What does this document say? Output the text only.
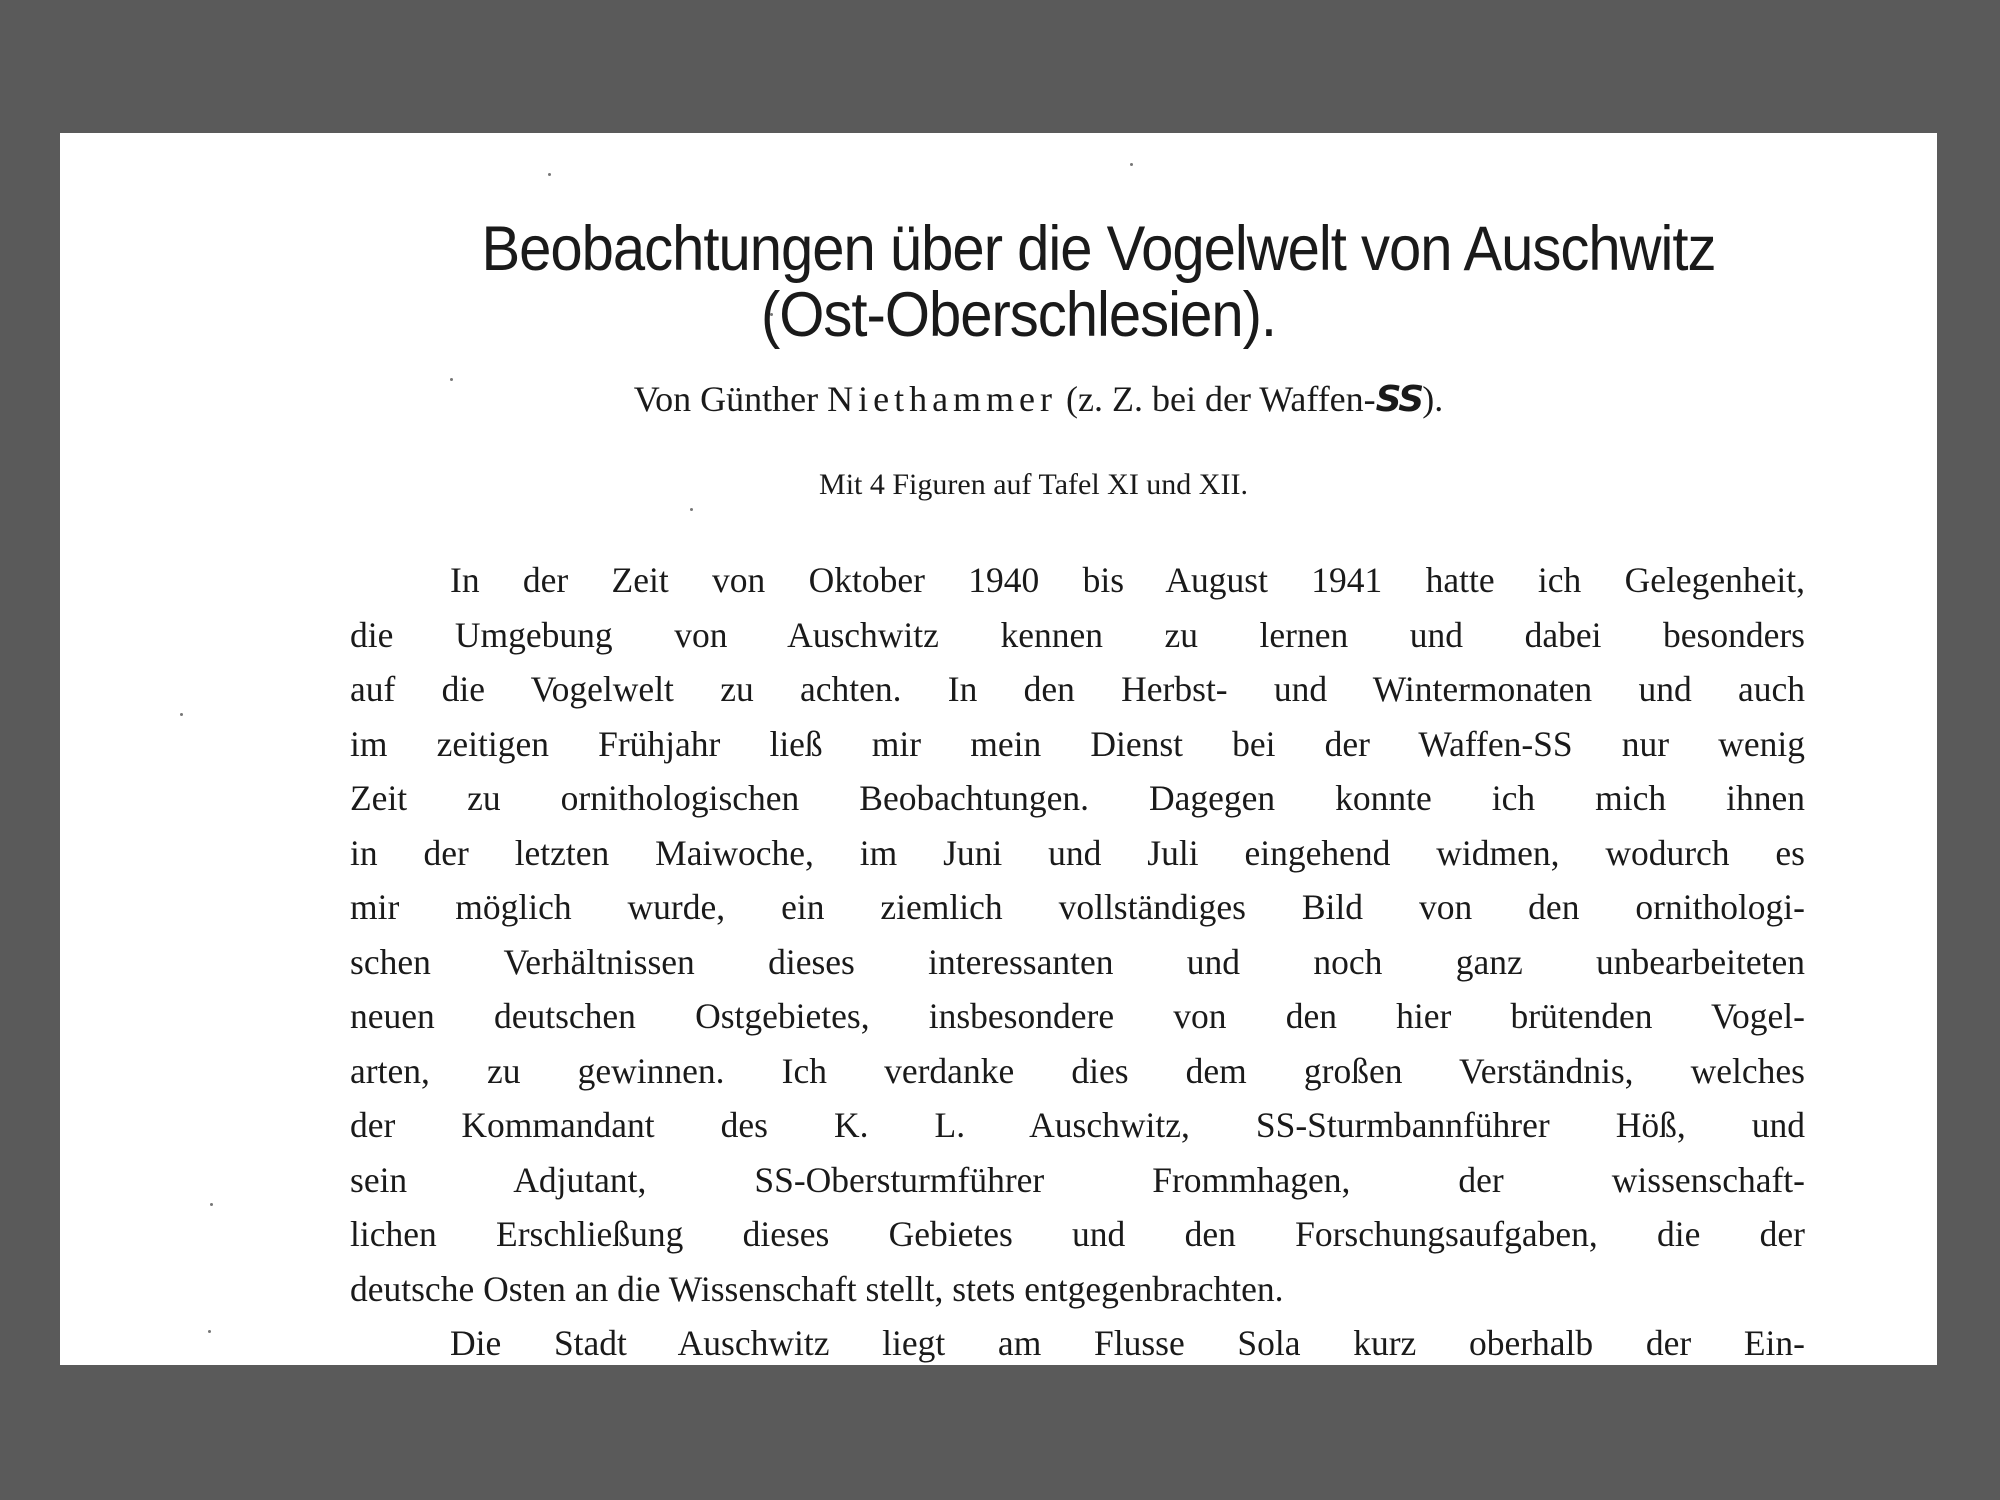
Beobachtungen über die Vogelwelt von Auschwitz
(Ost-Oberschlesien).
Von Günther Niethammer (z. Z. bei der Waffen-SS).
Mit 4 Figuren auf Tafel XI und XII.

In der Zeit von Oktober 1940 bis August 1941 hatte ich Gelegenheit,
die Umgebung von Auschwitz kennen zu lernen und dabei besonders
auf die Vogelwelt zu achten. In den Herbst- und Wintermonaten und auch
im zeitigen Frühjahr ließ mir mein Dienst bei der Waffen-SS nur wenig
Zeit zu ornithologischen Beobachtungen. Dagegen konnte ich mich ihnen
in der letzten Maiwoche, im Juni und Juli eingehend widmen, wodurch es
mir möglich wurde, ein ziemlich vollständiges Bild von den ornithologi-
schen Verhältnissen dieses interessanten und noch ganz unbearbeiteten
neuen deutschen Ostgebietes, insbesondere von den hier brütenden Vogel-
arten, zu gewinnen. Ich verdanke dies dem großen Verständnis, welches
der Kommandant des K. L. Auschwitz, SS-Sturmbannführer Höß, und
sein Adjutant, SS-Obersturmführer Frommhagen, der wissenschaft-
lichen Erschließung dieses Gebietes und den Forschungsaufgaben, die der
deutsche Osten an die Wissenschaft stellt, stets entgegenbrachten.

Die Stadt Auschwitz liegt am Flusse Sola kurz oberhalb der Ein-
